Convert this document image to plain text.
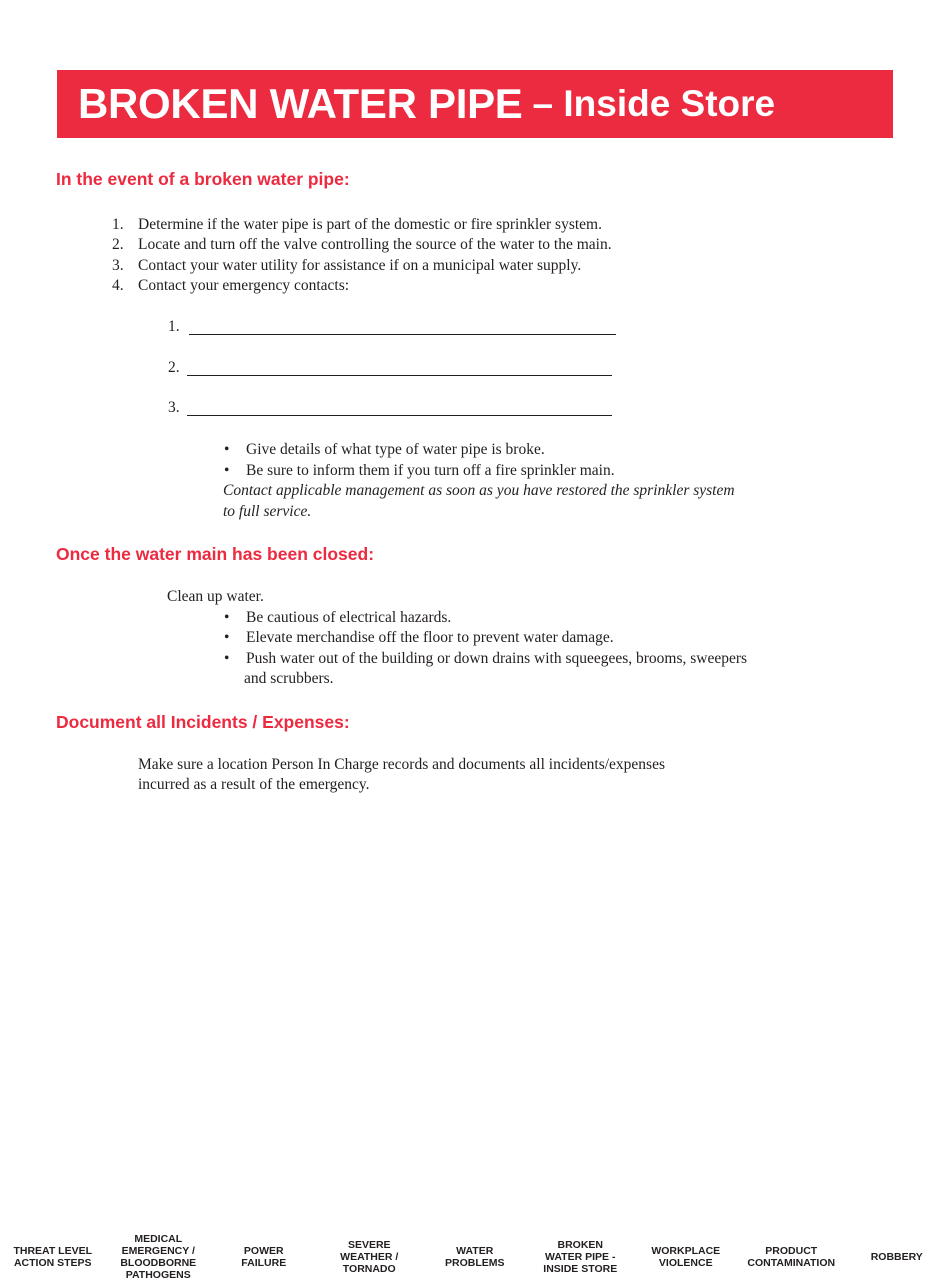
BROKEN WATER PIPE – Inside Store
In the event of a broken water pipe:
1. Determine if the water pipe is part of the domestic or fire sprinkler system.
2. Locate and turn off the valve controlling the source of the water to the main.
3. Contact your water utility for assistance if on a municipal water supply.
4. Contact your emergency contacts:
1.
2.
3.
• Give details of what type of water pipe is broke.
• Be sure to inform them if you turn off a fire sprinkler main.
Contact applicable management as soon as you have restored the sprinkler system
to full service.
Once the water main has been closed:
Clean up water.
• Be cautious of electrical hazards.
• Elevate merchandise off the floor to prevent water damage.
• Push water out of the building or down drains with squeegees, brooms, sweepers
and scrubbers.
Document all Incidents / Expenses:
Make sure a location Person In Charge records and documents all incidents/expenses
incurred as a result of the emergency.
THREAT LEVEL
ACTION STEPS
MEDICAL
EMERGENCY /
BLOODBORNE
PATHOGENS
POWER
FAILURE
SEVERE
WEATHER /
TORNADO
WATER
PROBLEMS
BROKEN
WATER PIPE -
INSIDE STORE
WORKPLACE
VIOLENCE
PRODUCT
CONTAMINATION	ROBBERY
